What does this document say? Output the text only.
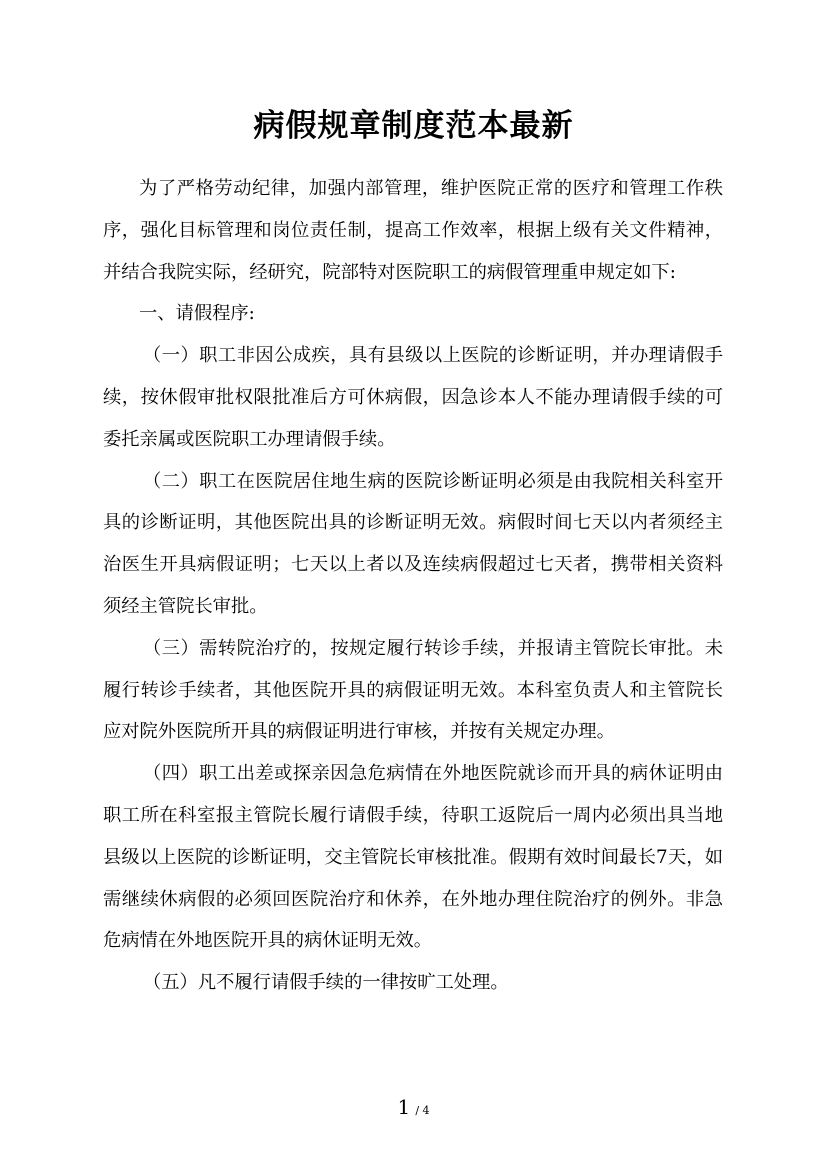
病假规章制度范本最新

为了严格劳动纪律，加强内部管理，维护医院正常的医疗和管理工作秩序，强化目标管理和岗位责任制，提高工作效率，根据上级有关文件精神，并结合我院实际，经研究，院部特对医院职工的病假管理重申规定如下:

一、请假程序:

（一）职工非因公成疾，具有县级以上医院的诊断证明，并办理请假手续，按休假审批权限批准后方可休病假，因急诊本人不能办理请假手续的可委托亲属或医院职工办理请假手续。

（二）职工在医院居住地生病的医院诊断证明必须是由我院相关科室开具的诊断证明，其他医院出具的诊断证明无效。病假时间七天以内者须经主治医生开具病假证明；七天以上者以及连续病假超过七天者，携带相关资料须经主管院长审批。

（三）需转院治疗的，按规定履行转诊手续，并报请主管院长审批。未履行转诊手续者，其他医院开具的病假证明无效。本科室负责人和主管院长应对院外医院所开具的病假证明进行审核，并按有关规定办理。

（四）职工出差或探亲因急危病情在外地医院就诊而开具的病休证明由职工所在科室报主管院长履行请假手续，待职工返院后一周内必须出具当地县级以上医院的诊断证明，交主管院长审核批准。假期有效时间最长7天，如需继续休病假的必须回医院治疗和休养，在外地办理住院治疗的例外。非急危病情在外地医院开具的病休证明无效。

（五）凡不履行请假手续的一律按旷工处理。

1 / 4
